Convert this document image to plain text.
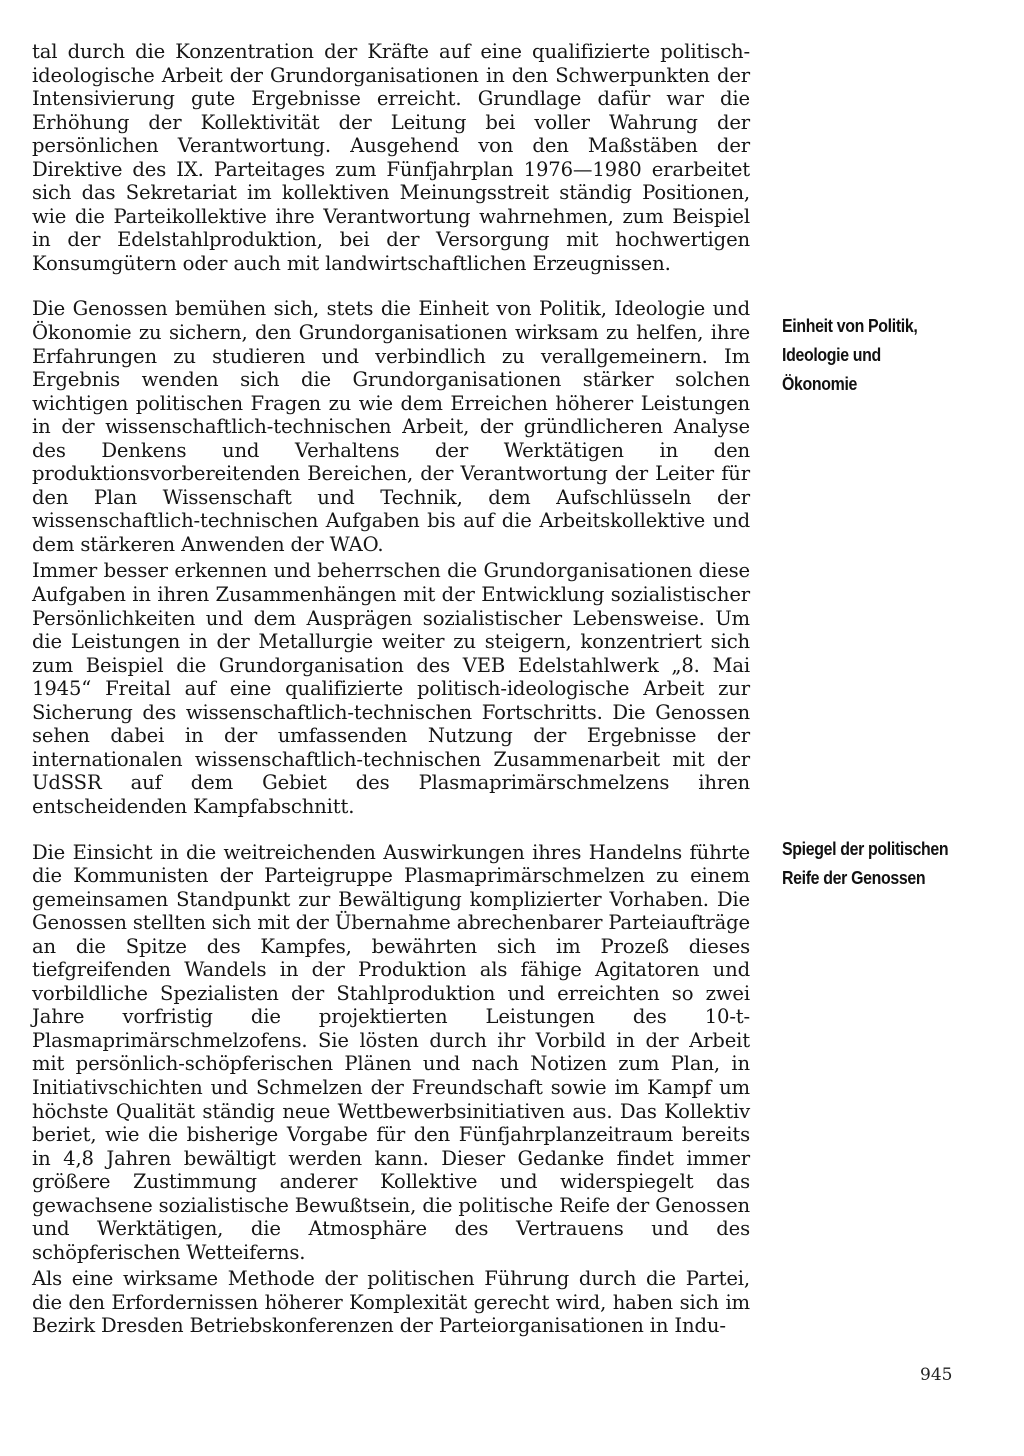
tal durch die Konzentration der Kräfte auf eine qualifizierte politisch-ideologische Arbeit der Grundorganisationen in den Schwerpunkten der Intensivierung gute Ergebnisse erreicht. Grundlage dafür war die Erhöhung der Kollektivität der Leitung bei voller Wahrung der persönlichen Verantwortung. Ausgehend von den Maßstäben der Direktive des IX. Parteitages zum Fünfjahrplan 1976—1980 erarbeitet sich das Sekretariat im kollektiven Meinungsstreit ständig Positionen, wie die Parteikollektive ihre Verantwortung wahrnehmen, zum Beispiel in der Edelstahlproduktion, bei der Versorgung mit hochwertigen Konsumgütern oder auch mit landwirtschaftlichen Erzeugnissen.

Die Genossen bemühen sich, stets die Einheit von Politik, Ideologie und Ökonomie zu sichern, den Grundorganisationen wirksam zu helfen, ihre Erfahrungen zu studieren und verbindlich zu verallgemeinern. Im Ergebnis wenden sich die Grundorganisationen stärker solchen wichtigen politischen Fragen zu wie dem Erreichen höherer Leistungen in der wissenschaftlich-technischen Arbeit, der gründlicheren Analyse des Denkens und Verhaltens der Werktätigen in den produktionsvorbereitenden Bereichen, der Verantwortung der Leiter für den Plan Wissenschaft und Technik, dem Aufschlüsseln der wissenschaftlich-technischen Aufgaben bis auf die Arbeitskollektive und dem stärkeren Anwenden der WAO.

Immer besser erkennen und beherrschen die Grundorganisationen diese Aufgaben in ihren Zusammenhängen mit der Entwicklung sozialistischer Persönlichkeiten und dem Ausprägen sozialistischer Lebensweise. Um die Leistungen in der Metallurgie weiter zu steigern, konzentriert sich zum Beispiel die Grundorganisation des VEB Edelstahlwerk „8. Mai 1945“ Freital auf eine qualifizierte politisch-ideologische Arbeit zur Sicherung des wissenschaftlich-technischen Fortschritts. Die Genossen sehen dabei in der umfassenden Nutzung der Ergebnisse der internationalen wissenschaftlich-technischen Zusammenarbeit mit der UdSSR auf dem Gebiet des Plasmaprimärschmelzens ihren entscheidenden Kampfabschnitt.

Die Einsicht in die weitreichenden Auswirkungen ihres Handelns führte die Kommunisten der Parteigruppe Plasmaprimärschmelzen zu einem gemeinsamen Standpunkt zur Bewältigung komplizierter Vorhaben. Die Genossen stellten sich mit der Übernahme abrechenbarer Parteiaufträge an die Spitze des Kampfes, bewährten sich im Prozeß dieses tiefgreifenden Wandels in der Produktion als fähige Agitatoren und vorbildliche Spezialisten der Stahlproduktion und erreichten so zwei Jahre vorfristig die projektierten Leistungen des 10-t-Plasmaprimärschmelzofens. Sie lösten durch ihr Vorbild in der Arbeit mit persönlich-schöpferischen Plänen und nach Notizen zum Plan, in Initiativschichten und Schmelzen der Freundschaft sowie im Kampf um höchste Qualität ständig neue Wettbewerbsinitiativen aus. Das Kollektiv beriet, wie die bisherige Vorgabe für den Fünfjahrplanzeitraum bereits in 4,8 Jahren bewältigt werden kann. Dieser Gedanke findet immer größere Zustimmung anderer Kollektive und widerspiegelt das gewachsene sozialistische Bewußtsein, die politische Reife der Genossen und Werktätigen, die Atmosphäre des Vertrauens und des schöpferischen Wetteiferns.

Als eine wirksame Methode der politischen Führung durch die Partei, die den Erfordernissen höherer Komplexität gerecht wird, haben sich im Bezirk Dresden Betriebskonferenzen der Parteiorganisationen in Indu-

Einheit von Politik,
Ideologie und
Ökonomie
Spiegel der politischen
Reife der Genossen
945
